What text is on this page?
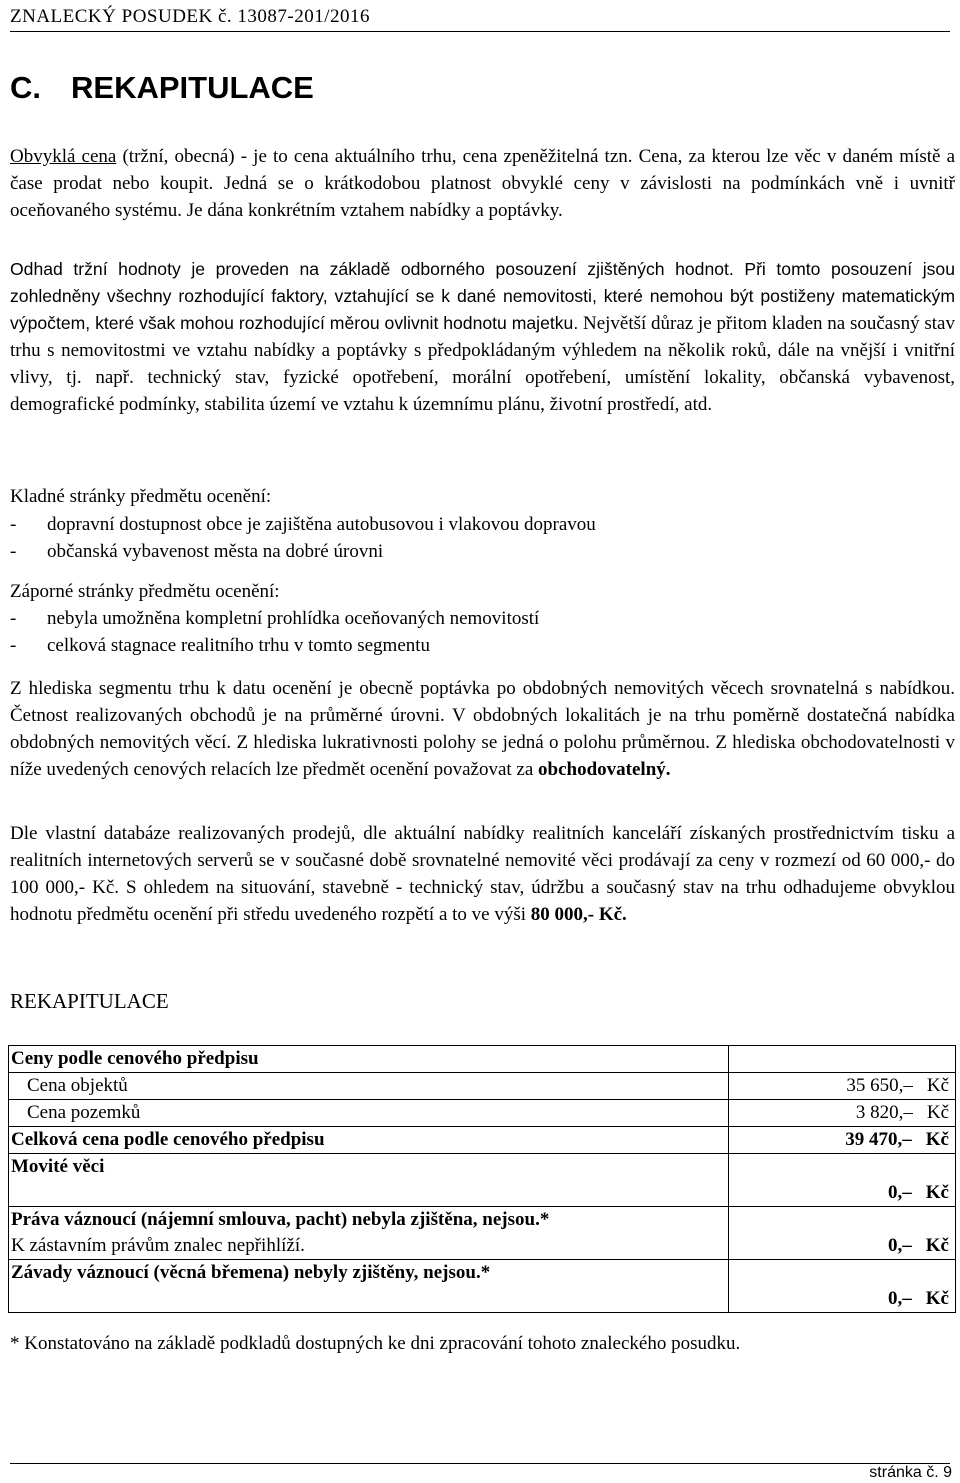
ZNALECKÝ POSUDEK č. 13087-201/2016
C. REKAPITULACE

Obvyklá cena (tržní, obecná) - je to cena aktuálního trhu, cena zpeněžitelná tzn. Cena, za kterou lze věc v daném místě a čase prodat nebo koupit. Jedná se o krátkodobou platnost obvyklé ceny v závislosti na podmínkách vně i uvnitř oceňovaného systému. Je dána konkrétním vztahem nabídky a poptávky.

Odhad tržní hodnoty je proveden na základě odborného posouzení zjištěných hodnot. Při tomto posouzení jsou zohledněny všechny rozhodující faktory, vztahující se k dané nemovitosti, které nemohou být postiženy matematickým výpočtem, které však mohou rozhodující měrou ovlivnit hodnotu majetku. Největší důraz je přitom kladen na současný stav trhu s nemovitostmi ve vztahu nabídky a poptávky s předpokládaným výhledem na několik roků, dále na vnější i vnitřní vlivy, tj. např. technický stav, fyzické opotřebení, morální opotřebení, umístění lokality, občanská vybavenost, demografické podmínky, stabilita území ve vztahu k územnímu plánu, životní prostředí, atd.

Kladné stránky předmětu ocenění:
- dopravní dostupnost obce je zajištěna autobusovou i vlakovou dopravou
- občanská vybavenost města na dobré úrovni
Záporné stránky předmětu ocenění:
- nebyla umožněna kompletní prohlídka oceňovaných nemovitostí
- celková stagnace realitního trhu v tomto segmentu

Z hlediska segmentu trhu k datu ocenění je obecně poptávka po obdobných nemovitých věcech srovnatelná s nabídkou. Četnost realizovaných obchodů je na průměrné úrovni. V obdobných lokalitách je na trhu poměrně dostatečná nabídka obdobných nemovitých věcí. Z hlediska lukrativnosti polohy se jedná o polohu průměrnou. Z hlediska obchodovatelnosti v níže uvedených cenových relacích lze předmět ocenění považovat za obchodovatelný.

Dle vlastní databáze realizovaných prodejů, dle aktuální nabídky realitních kanceláří získaných prostřednictvím tisku a realitních internetových serverů se v současné době srovnatelné nemovité věci prodávají za ceny v rozmezí od 60 000,- do 100 000,- Kč. S ohledem na situování, stavebně - technický stav, údržbu a současný stav na trhu odhadujeme obvyklou hodnotu předmětu ocenění při středu uvedeného rozpětí a to ve výši 80 000,- Kč.

REKAPITULACE
Ceny podle cenového předpisu	
Cena objektů	35 650,– Kč
Cena pozemků	3 820,– Kč
Celková cena podle cenového předpisu	39 470,– Kč
Movité věci	0,– Kč

Práva váznoucí (nájemní smlouva, pacht) nebyla zjištěna, nejsou.*
K zástavním právům znalec nepřihlíží.	0,– Kč
Závady váznoucí (věcná břemena) nebyly zjištěny, nejsou.*	0,– Kč
* Konstatováno na základě podkladů dostupných ke dni zpracování tohoto znaleckého posudku.
stránka č. 9
